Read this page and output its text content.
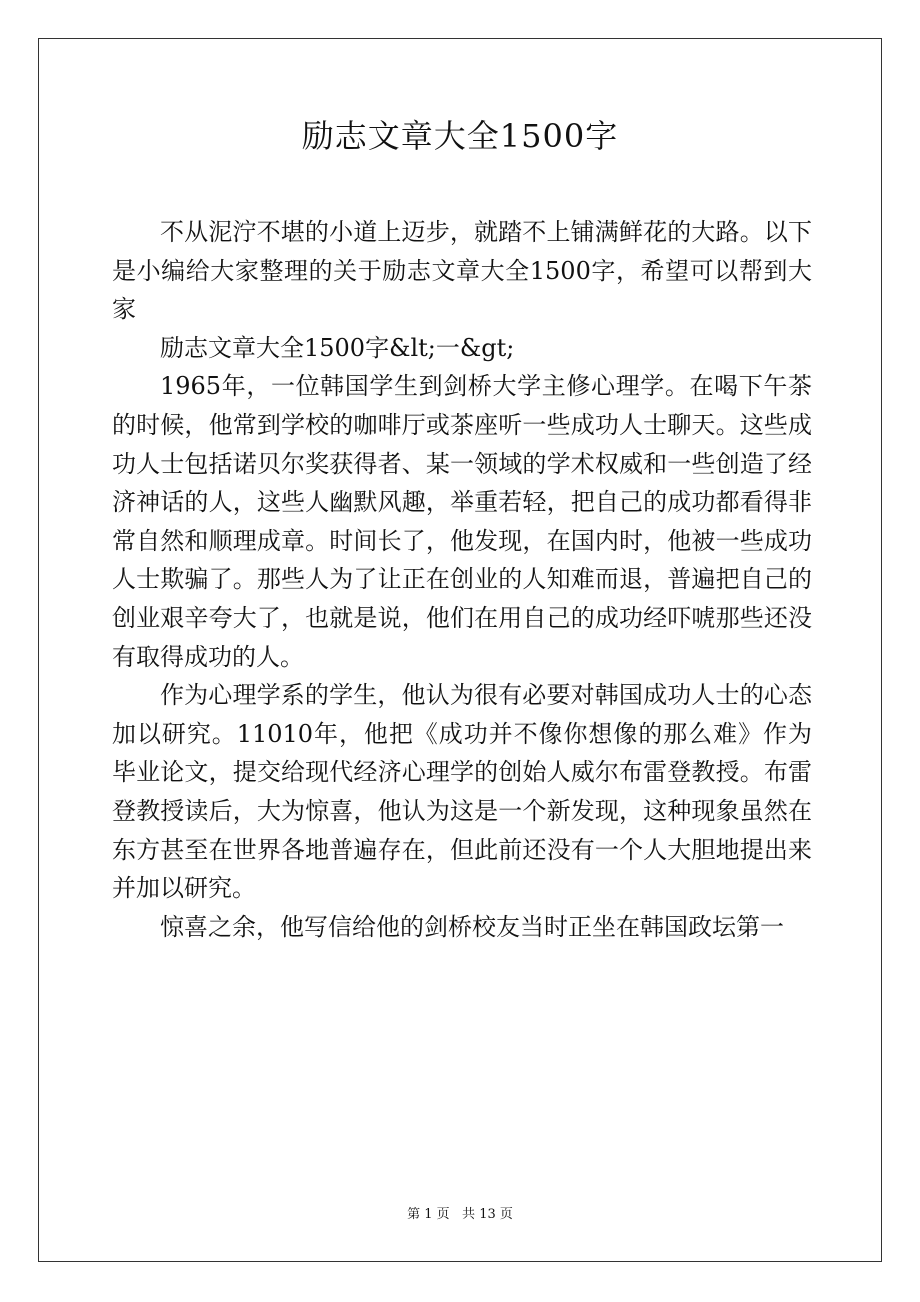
励志文章大全1500字

不从泥泞不堪的小道上迈步，就踏不上铺满鲜花的大路。以下是小编给大家整理的关于励志文章大全1500字，希望可以帮到大家

励志文章大全1500字&lt;一&gt;

1965年，一位韩国学生到剑桥大学主修心理学。在喝下午茶的时候，他常到学校的咖啡厅或茶座听一些成功人士聊天。这些成功人士包括诺贝尔奖获得者、某一领域的学术权威和一些创造了经济神话的人，这些人幽默风趣，举重若轻，把自己的成功都看得非常自然和顺理成章。时间长了，他发现，在国内时，他被一些成功人士欺骗了。那些人为了让正在创业的人知难而退，普遍把自己的创业艰辛夸大了，也就是说，他们在用自己的成功经吓唬那些还没有取得成功的人。

作为心理学系的学生，他认为很有必要对韩国成功人士的心态加以研究。11010年，他把《成功并不像你想像的那么难》作为毕业论文，提交给现代经济心理学的创始人威尔布雷登教授。布雷登教授读后，大为惊喜，他认为这是一个新发现，这种现象虽然在东方甚至在世界各地普遍存在，但此前还没有一个人大胆地提出来并加以研究。

惊喜之余，他写信给他的剑桥校友当时正坐在韩国政坛第一

第 1 页   共 13 页
